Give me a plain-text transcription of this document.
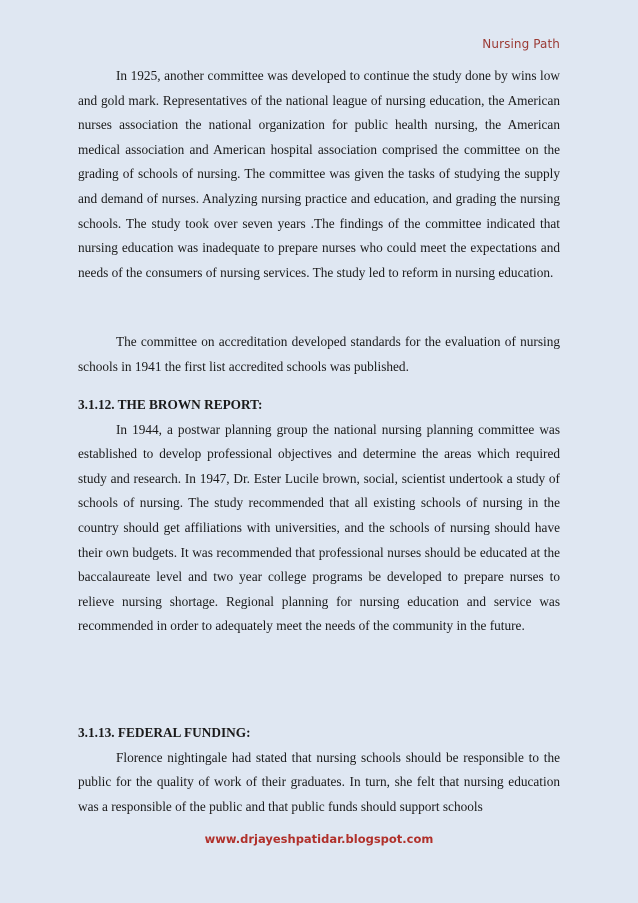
Nursing Path

In 1925, another committee was developed to continue the study done by wins low and gold mark. Representatives of the national league of nursing education, the American nurses association the national organization for public health nursing, the American medical association and American hospital association comprised the committee on the grading of schools of nursing. The committee was given the tasks of studying the supply and demand of nurses. Analyzing nursing practice and education, and grading the nursing schools. The study took over seven years .The findings of the committee indicated that nursing education was inadequate to prepare nurses who could meet the expectations and needs of the consumers of nursing services. The study led to reform in nursing education.

The committee on accreditation developed standards for the evaluation of nursing schools in 1941 the first list accredited schools was published.

3.1.12. THE BROWN REPORT:

In 1944, a postwar planning group the national nursing planning committee was established to develop professional objectives and determine the areas which required study and research. In 1947, Dr. Ester Lucile brown, social, scientist undertook a study of schools of nursing. The study recommended that all existing schools of nursing in the country should get affiliations with universities, and the schools of nursing should have their own budgets. It was recommended that professional nurses should be educated at the baccalaureate level and two year college programs be developed to prepare nurses to relieve nursing shortage. Regional planning for nursing education and service was recommended in order to adequately meet the needs of the community in the future.

3.1.13. FEDERAL FUNDING:

Florence nightingale had stated that nursing schools should be responsible to the public for the quality of work of their graduates. In turn, she felt that nursing education was a responsible of the public and that public funds should support schools

www.drjayeshpatidar.blogspot.com
